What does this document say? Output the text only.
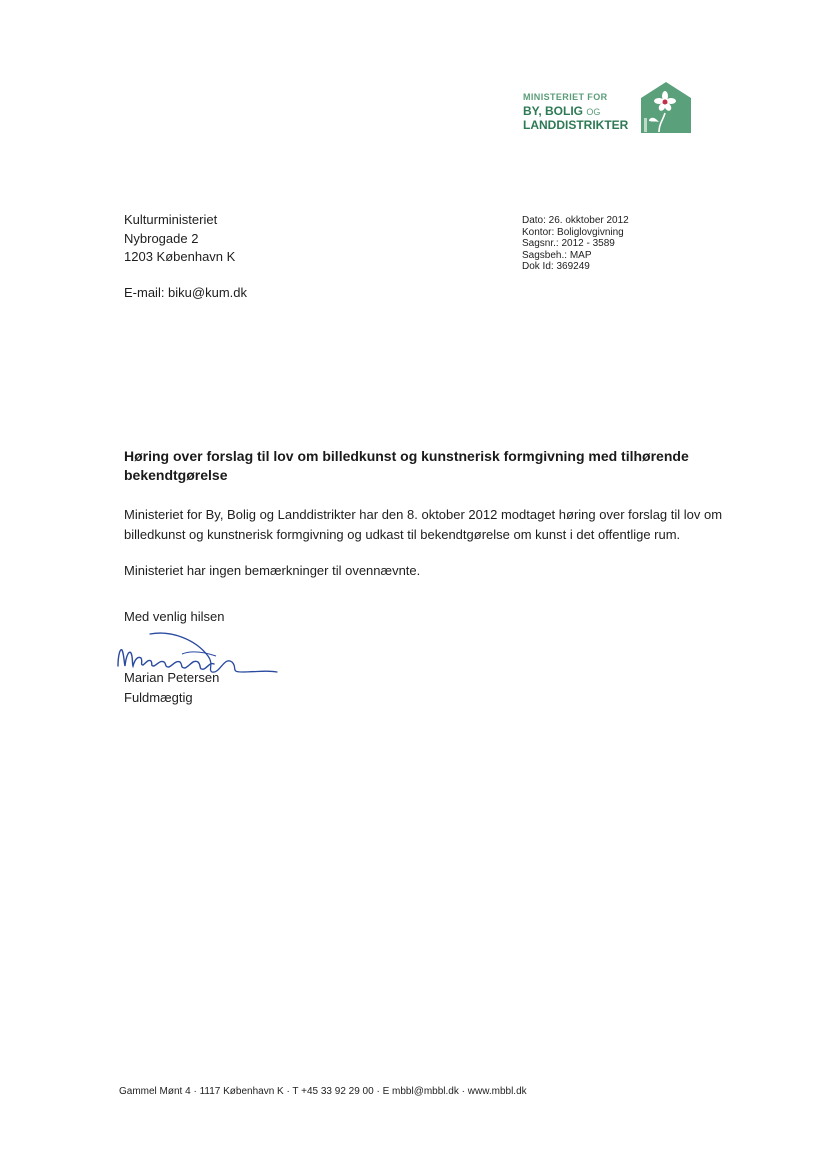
MINISTERIET FOR
BY, BOLIG OG
LANDDISTRIKTER
Kulturministeriet
Nybrogade 2
1203 København K
E-mail: biku@kum.dk
Dato: 26. okktober 2012
Kontor: Boliglovgivning
Sagsnr.: 2012 - 3589
Sagsbeh.: MAP
Dok Id: 369249
Høring over forslag til lov om billedkunst og kunstnerisk formgivning med tilhørende bekendtgørelse
Ministeriet for By, Bolig og Landdistrikter har den 8. oktober 2012 modtaget høring over forslag til lov om billedkunst og kunstnerisk formgivning og udkast til bekendtgørelse om kunst i det offentlige rum.
Ministeriet har ingen bemærkninger til ovennævnte.
Med venlig hilsen
Marian Petersen
Fuldmægtig
Gammel Mønt 4 · 1117 København K · T +45 33 92 29 00 · E mbbl@mbbl.dk · www.mbbl.dk
